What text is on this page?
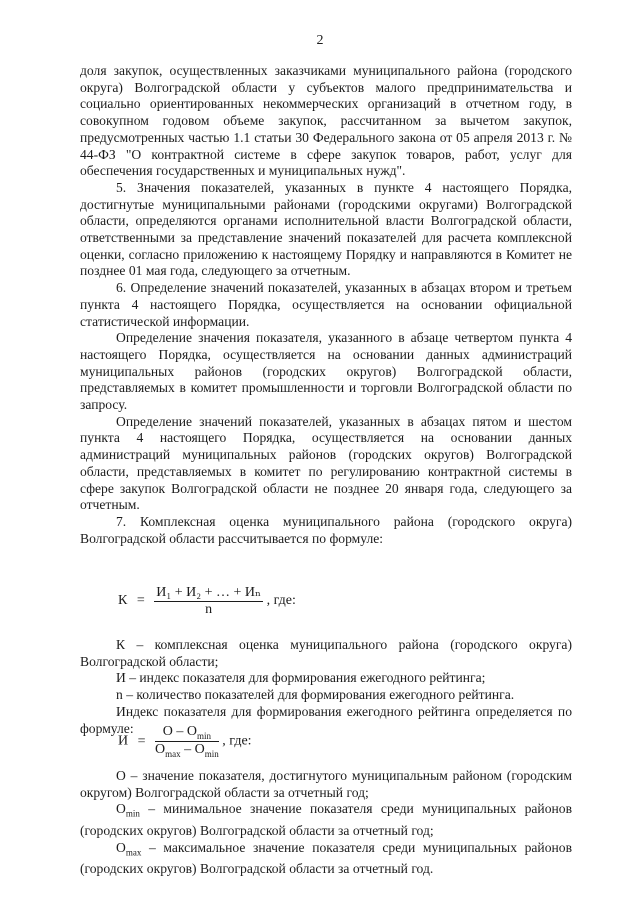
2

доля закупок, осуществленных заказчиками муниципального района (городского округа) Волгоградской области у субъектов малого предпринимательства и социально ориентированных некоммерческих организаций в отчетном году, в совокупном годовом объеме закупок, рассчитанном за вычетом закупок, предусмотренных частью 1.1 статьи 30 Федерального закона от 05 апреля 2013 г. № 44-ФЗ "О контрактной системе в сфере закупок товаров, работ, услуг для обеспечения государственных и муниципальных нужд".

5. Значения показателей, указанных в пункте 4 настоящего Порядка, достигнутые муниципальными районами (городскими округами) Волгоградской области, определяются органами исполнительной власти Волгоградской области, ответственными за представление значений показателей для расчета комплексной оценки, согласно приложению к настоящему Порядку и направляются в Комитет не позднее 01 мая года, следующего за отчетным.

6. Определение значений показателей, указанных в абзацах втором и третьем пункта 4 настоящего Порядка, осуществляется на основании официальной статистической информации.

Определение значения показателя, указанного в абзаце четвертом пункта 4 настоящего Порядка, осуществляется на основании данных администраций муниципальных районов (городских округов) Волгоградской области, представляемых в комитет промышленности и торговли Волгоградской области по запросу.

Определение значений показателей, указанных в абзацах пятом и шестом пункта 4 настоящего Порядка, осуществляется на основании данных администраций муниципальных районов (городских округов) Волгоградской области, представляемых в комитет по регулированию контрактной системы в сфере закупок Волгоградской области не позднее 20 января года, следующего за отчетным.

7. Комплексная оценка муниципального района (городского округа) Волгоградской области рассчитывается по формуле:

$К = \frac{\text{И₁ + И₂ + … + Иₙ}}{n}$ , где:

К – комплексная оценка муниципального района (городского округа) Волгоградской области;

И – индекс показателя для формирования ежегодного рейтинга;

n – количество показателей для формирования ежегодного рейтинга.

Индекс показателя для формирования ежегодного рейтинга определяется по формуле:

$И = \frac{O - O_{min}}{O_{max} - O_{min}}$ , где:

О – значение показателя, достигнутого муниципальным районом (городским округом) Волгоградской области за отчетный год;

$О_{min}$ – минимальное значение показателя среди муниципальных районов (городских округов) Волгоградской области за отчетный год;

$О_{max}$ – максимальное значение показателя среди муниципальных районов (городских округов) Волгоградской области за отчетный год.
